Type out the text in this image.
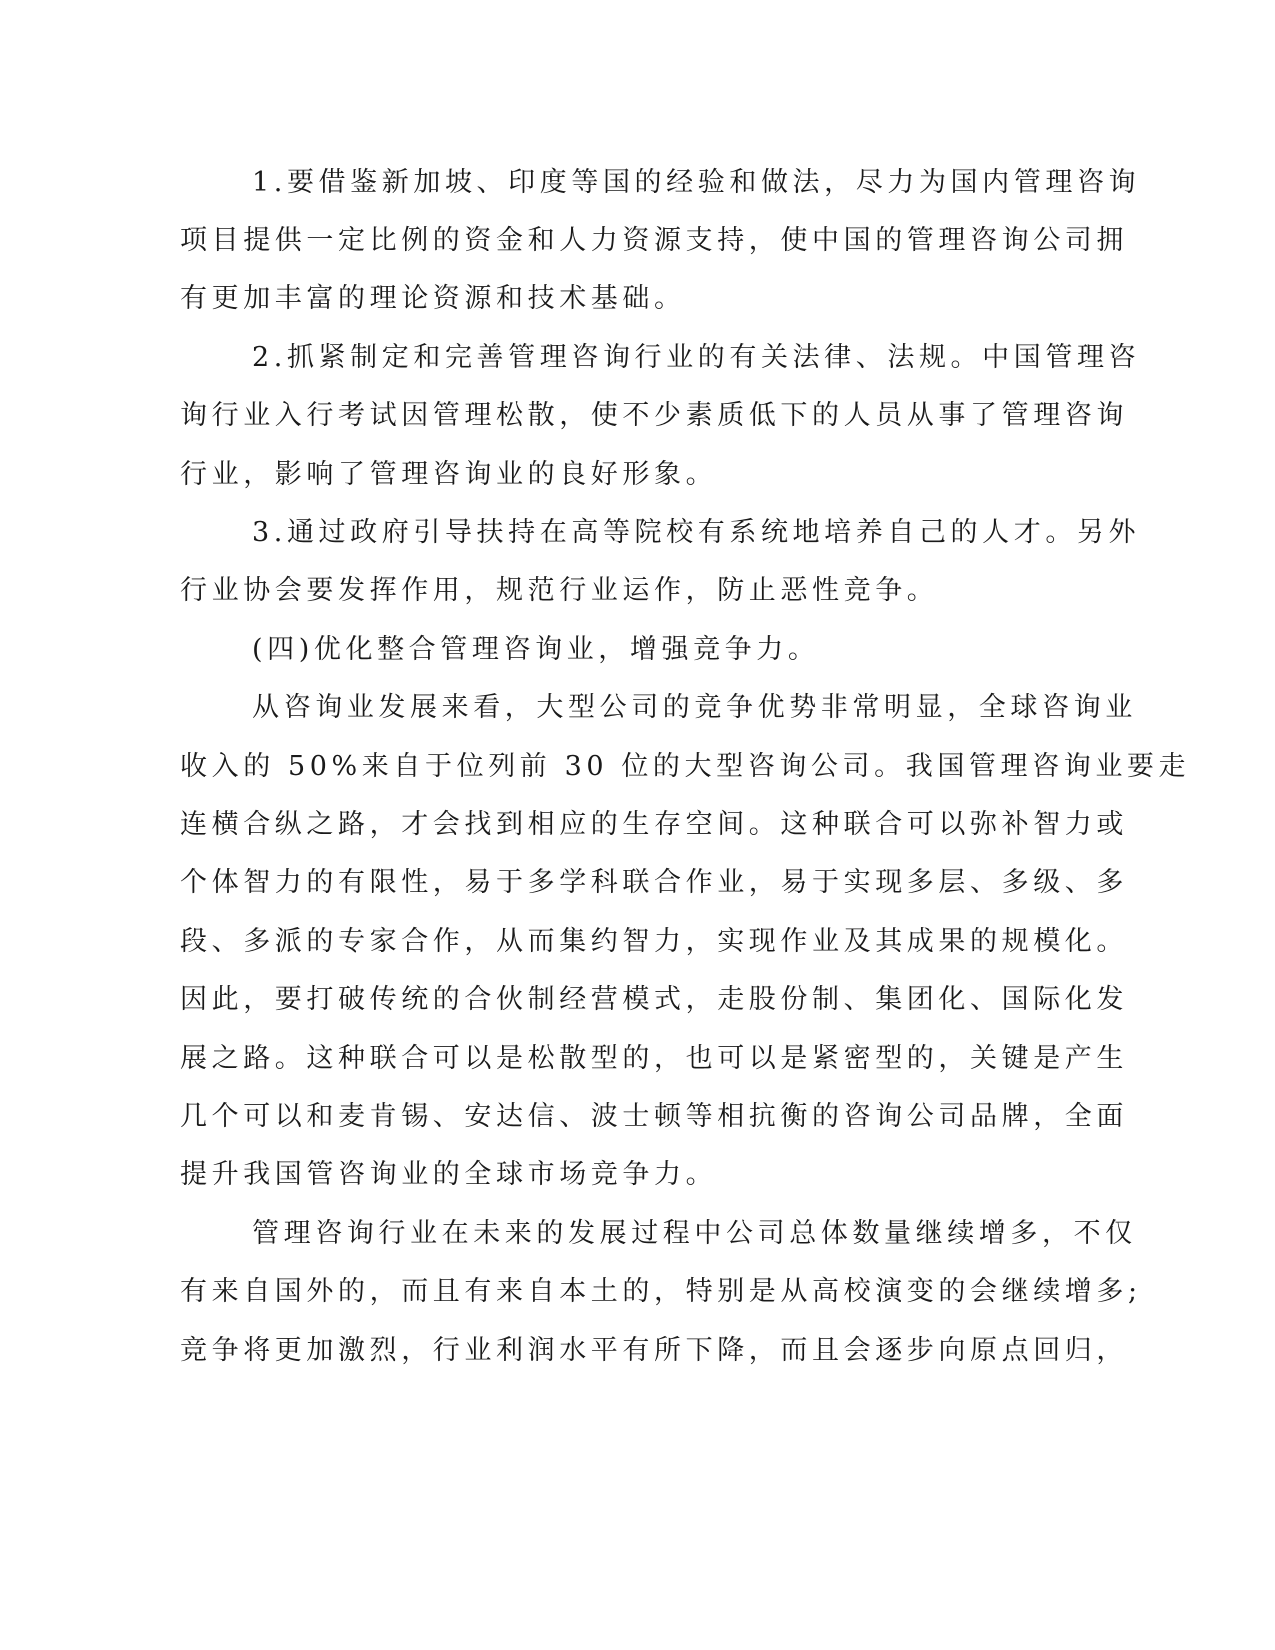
1.要借鉴新加坡、印度等国的经验和做法，尽力为国内管理咨询
项目提供一定比例的资金和人力资源支持，使中国的管理咨询公司拥
有更加丰富的理论资源和技术基础。
2.抓紧制定和完善管理咨询行业的有关法律、法规。中国管理咨
询行业入行考试因管理松散，使不少素质低下的人员从事了管理咨询
行业，影响了管理咨询业的良好形象。
3.通过政府引导扶持在高等院校有系统地培养自己的人才。另外
行业协会要发挥作用，规范行业运作，防止恶性竞争。
(四)优化整合管理咨询业，增强竞争力。
从咨询业发展来看，大型公司的竞争优势非常明显，全球咨询业
收入的 50%来自于位列前 30 位的大型咨询公司。我国管理咨询业要走
连横合纵之路，才会找到相应的生存空间。这种联合可以弥补智力或
个体智力的有限性，易于多学科联合作业，易于实现多层、多级、多
段、多派的专家合作，从而集约智力，实现作业及其成果的规模化。
因此，要打破传统的合伙制经营模式，走股份制、集团化、国际化发
展之路。这种联合可以是松散型的，也可以是紧密型的，关键是产生
几个可以和麦肯锡、安达信、波士顿等相抗衡的咨询公司品牌，全面
提升我国管咨询业的全球市场竞争力。
管理咨询行业在未来的发展过程中公司总体数量继续增多，不仅
有来自国外的，而且有来自本土的，特别是从高校演变的会继续增多;
竞争将更加激烈，行业利润水平有所下降，而且会逐步向原点回归，
